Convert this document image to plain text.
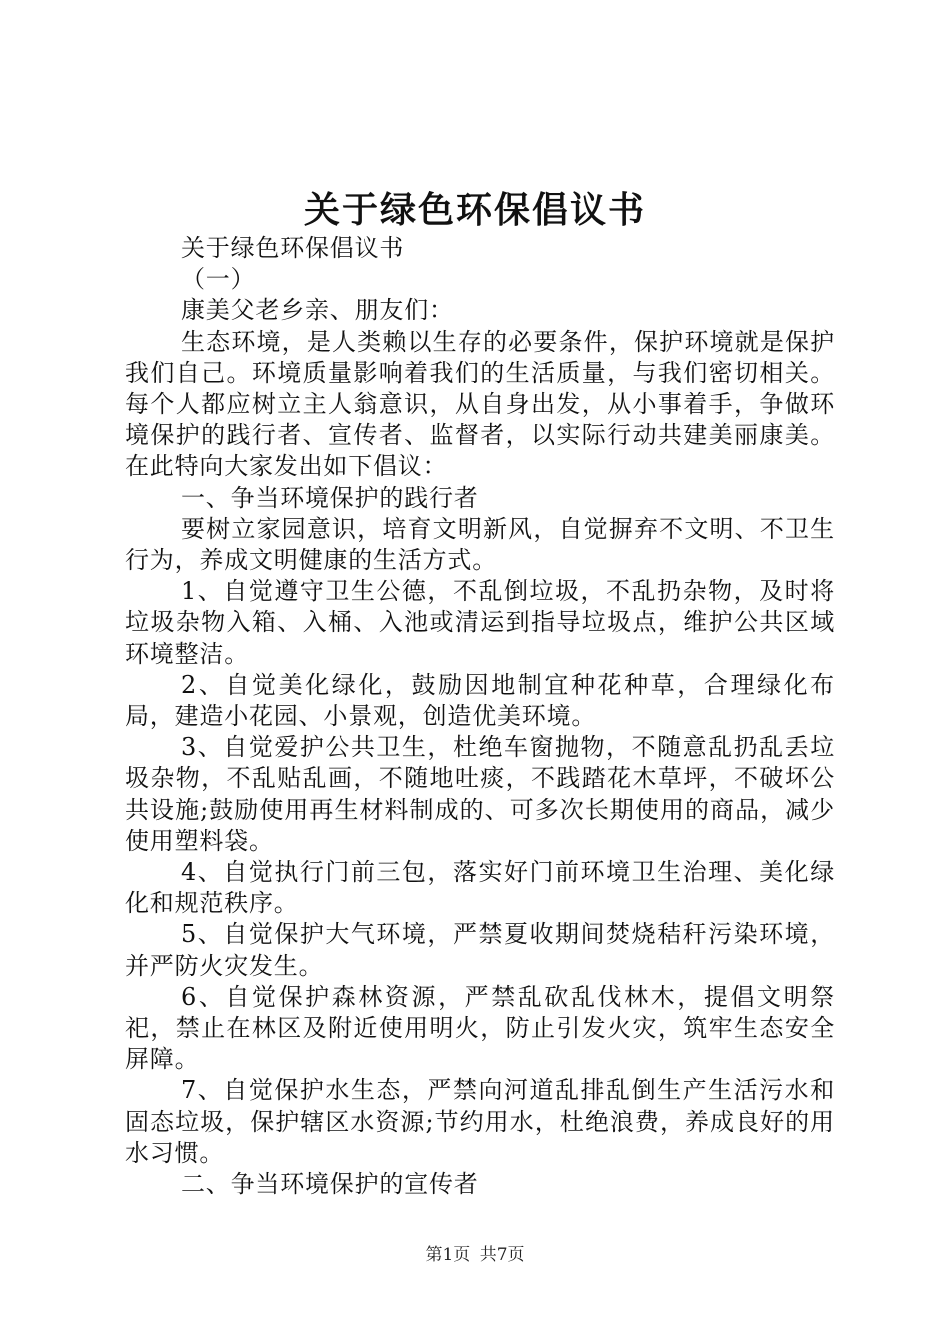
关于绿色环保倡议书

关于绿色环保倡议书

（一）

康美父老乡亲、朋友们：

生态环境，是人类赖以生存的必要条件，保护环境就是保护我们自己。环境质量影响着我们的生活质量，与我们密切相关。每个人都应树立主人翁意识，从自身出发，从小事着手，争做环境保护的践行者、宣传者、监督者，以实际行动共建美丽康美。在此特向大家发出如下倡议：

一、争当环境保护的践行者

要树立家园意识，培育文明新风，自觉摒弃不文明、不卫生行为，养成文明健康的生活方式。

1、自觉遵守卫生公德，不乱倒垃圾，不乱扔杂物，及时将垃圾杂物入箱、入桶、入池或清运到指导垃圾点，维护公共区域环境整洁。

2、自觉美化绿化，鼓励因地制宜种花种草，合理绿化布局，建造小花园、小景观，创造优美环境。

3、自觉爱护公共卫生，杜绝车窗抛物，不随意乱扔乱丢垃圾杂物，不乱贴乱画，不随地吐痰，不践踏花木草坪，不破坏公共设施;鼓励使用再生材料制成的、可多次长期使用的商品，减少使用塑料袋。

4、自觉执行门前三包，落实好门前环境卫生治理、美化绿化和规范秩序。

5、自觉保护大气环境，严禁夏收期间焚烧秸秆污染环境，并严防火灾发生。

6、自觉保护森林资源，严禁乱砍乱伐林木，提倡文明祭祀，禁止在林区及附近使用明火，防止引发火灾，筑牢生态安全屏障。

7、自觉保护水生态，严禁向河道乱排乱倒生产生活污水和固态垃圾，保护辖区水资源;节约用水，杜绝浪费，养成良好的用水习惯。

二、争当环境保护的宣传者

第1页 共7页
